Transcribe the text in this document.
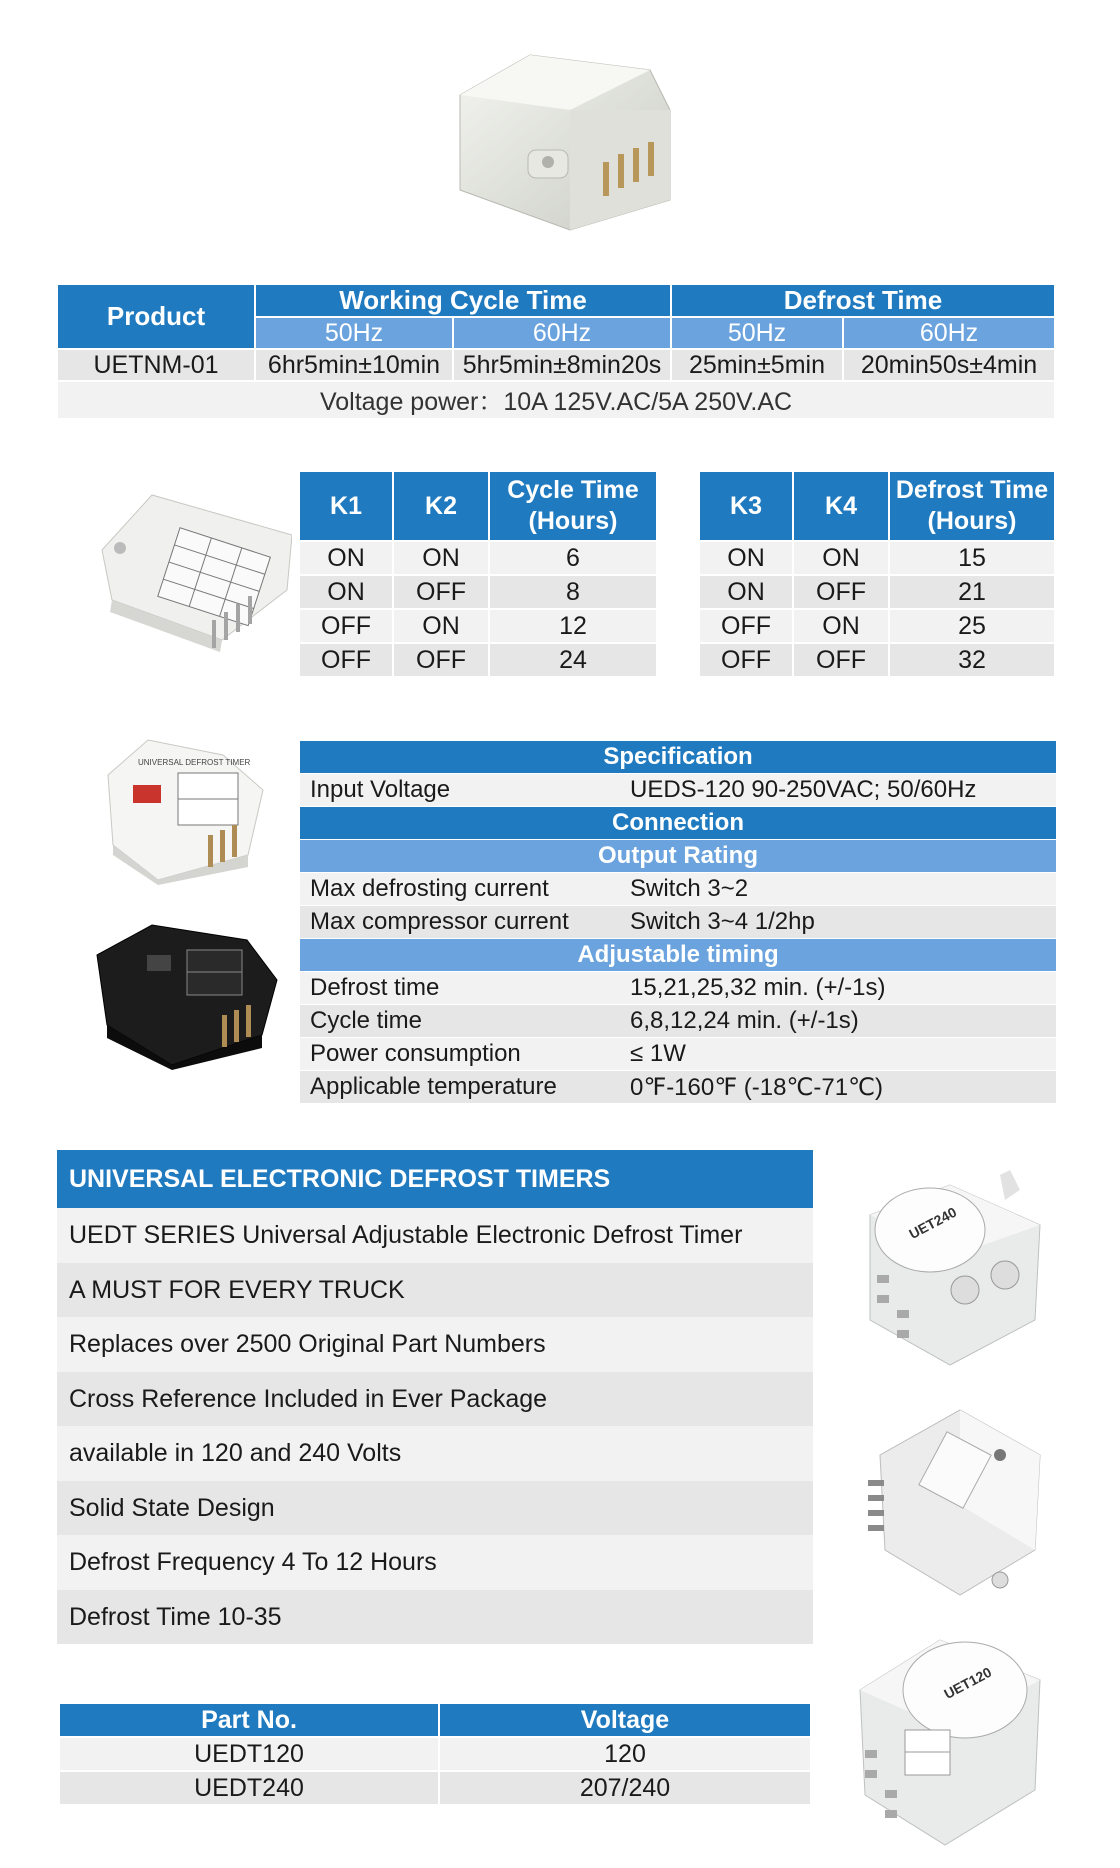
Product	Working Cycle Time		Defrost Time	
	50Hz	60Hz	50Hz	60Hz
UETNM-01	6hr5min±10min	5hr5min±8min20s	25min±5min	20min50s±4min
Voltage power：10A 125V.AC/5A 250V.AC				
K1	K2	Cycle Time
(Hours)
ON	ON	6
ON	OFF	8
OFF	ON	12
OFF	OFF	24
K3	K4	Defrost Time
(Hours)
ON	ON	15
ON	OFF	21
OFF	ON	25
OFF	OFF	32
UNIVERSAL DEFROST TIMER	Specification	
Input Voltage	UEDS-120 90-250VAC; 50/60Hz
Connection	
Output Rating	
Max defrosting current	Switch 3~2
Max compressor current	Switch 3~4 1/2hp
Adjustable timing	
Defrost time	15,21,25,32 min. (+/-1s)
Cycle time	6,8,12,24 min. (+/-1s)
Power consumption	≤ 1W
Applicable temperature	0℉-160℉ (-18℃-71℃)
UNIVERSAL ELECTRONIC DEFROST TIMERS
UEDT SERIES Universal Adjustable Electronic Defrost Timer
A MUST FOR EVERY TRUCK
Replaces over 2500 Original Part Numbers
Cross Reference Included in Ever Package
available in 120 and 240 Volts
Solid State Design
Defrost Frequency 4 To 12 Hours
Defrost Time 10-35
Part No.	Voltage
UEDT120	120
UEDT240	207/240
UET240
UET120
